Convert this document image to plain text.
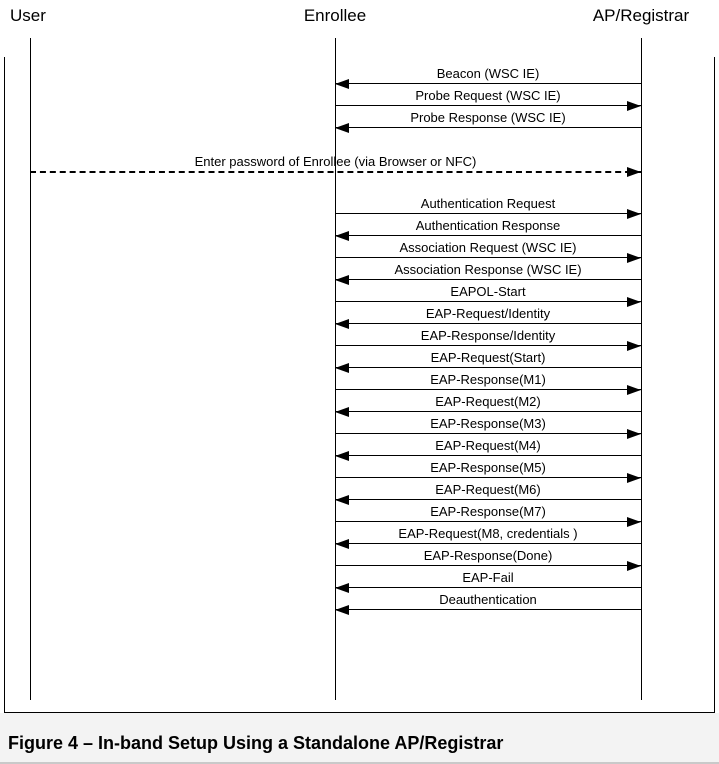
User	Enrollee	AP/Registrar
Figure 4 – In-band Setup Using a Standalone AP/Registrar
Beacon (WSC IE)
Probe Request (WSC IE)
Probe Response (WSC IE)
Enter password of Enrollee (via Browser or NFC)
Authentication Request
Authentication Response
Association Request (WSC IE)
Association Response (WSC IE)
EAPOL-Start
EAP-Request/Identity
EAP-Response/Identity
EAP-Request(Start)
EAP-Response(M1)
EAP-Request(M2)
EAP-Response(M3)
EAP-Request(M4)
EAP-Response(M5)
EAP-Request(M6)
EAP-Response(M7)
EAP-Request(M8, credentials )
EAP-Response(Done)
EAP-Fail
Deauthentication
